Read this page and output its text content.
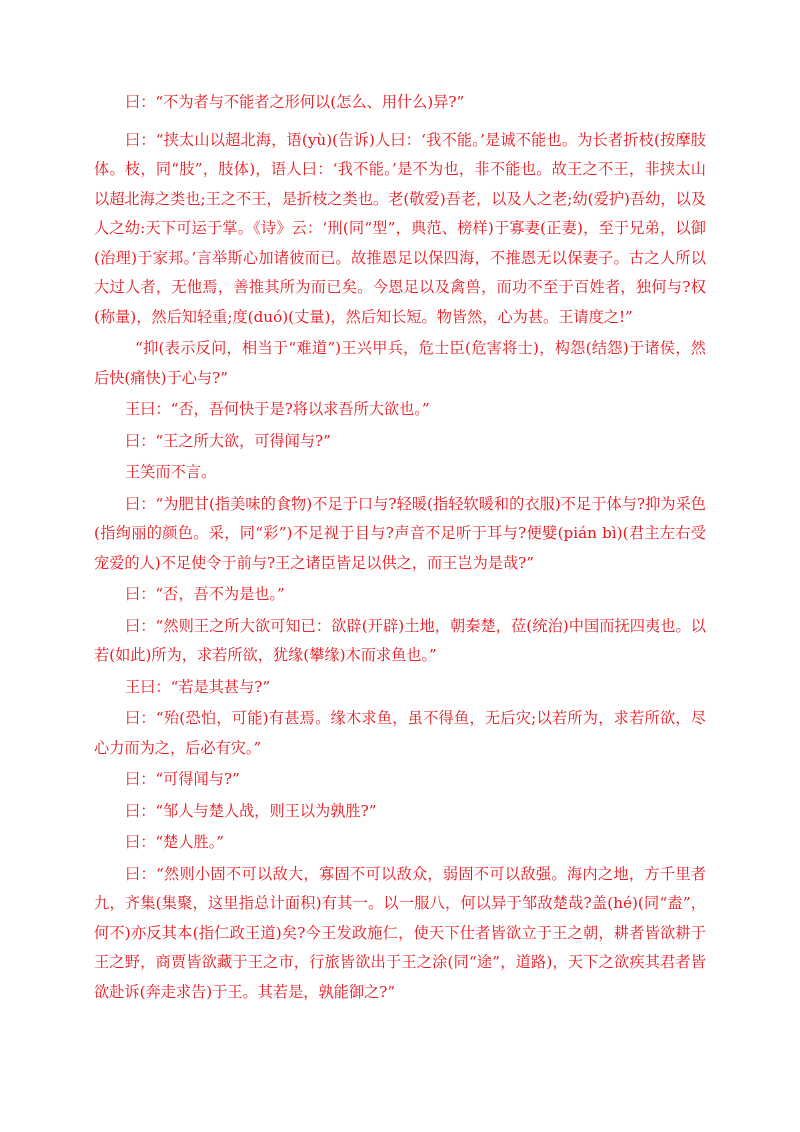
曰：“不为者与不能者之形何以(怎么、用什么)异?”

曰：“挟太山以超北海，语(yù)(告诉)人曰：‘我不能。’是诚不能也。为长者折枝(按摩肢体。枝，同“肢”，肢体)，语人曰：‘我不能。’是不为也，非不能也。故王之不王，非挟太山以超北海之类也;王之不王，是折枝之类也。老(敬爱)吾老，以及人之老;幼(爱护)吾幼，以及人之幼:天下可运于掌。《诗》云：‘刑(同“型”，典范、榜样)于寡妻(正妻)，至于兄弟，以御(治理)于家邦。’言举斯心加诸彼而已。故推恩足以保四海，不推恩无以保妻子。古之人所以大过人者，无他焉，善推其所为而已矣。今恩足以及禽兽，而功不至于百姓者，独何与?权(称量)，然后知轻重;度(duó)(丈量)，然后知长短。物皆然，心为甚。王请度之!”

“抑(表示反问，相当于“难道”)王兴甲兵，危士臣(危害将士)，构怨(结怨)于诸侯，然后快(痛快)于心与?”

王曰：“否，吾何快于是?将以求吾所大欲也。”

曰：“王之所大欲，可得闻与?”

王笑而不言。

曰：“为肥甘(指美味的食物)不足于口与?轻暖(指轻软暖和的衣服)不足于体与?抑为采色(指绚丽的颜色。采，同“彩”)不足视于目与?声音不足听于耳与?便嬖(pián bì)(君主左右受宠爱的人)不足使令于前与?王之诸臣皆足以供之，而王岂为是哉?”

曰：“否，吾不为是也。”

曰：“然则王之所大欲可知已：欲辟(开辟)土地，朝秦楚，莅(统治)中国而抚四夷也。以若(如此)所为，求若所欲，犹缘(攀缘)木而求鱼也。”

王曰：“若是其甚与?”

曰：“殆(恐怕，可能)有甚焉。缘木求鱼，虽不得鱼，无后灾;以若所为，求若所欲，尽心力而为之，后必有灾。”

曰：“可得闻与?”

曰：“邹人与楚人战，则王以为孰胜?”

曰：“楚人胜。”

曰：“然则小固不可以敌大，寡固不可以敌众，弱固不可以敌强。海内之地，方千里者九，齐集(集聚，这里指总计面积)有其一。以一服八，何以异于邹敌楚哉?盖(hé)(同“盍”，何不)亦反其本(指仁政王道)矣?今王发政施仁，使天下仕者皆欲立于王之朝，耕者皆欲耕于王之野，商贾皆欲藏于王之市，行旅皆欲出于王之涂(同“途”，道路)，天下之欲疾其君者皆欲赴诉(奔走求告)于王。其若是，孰能御之?”
